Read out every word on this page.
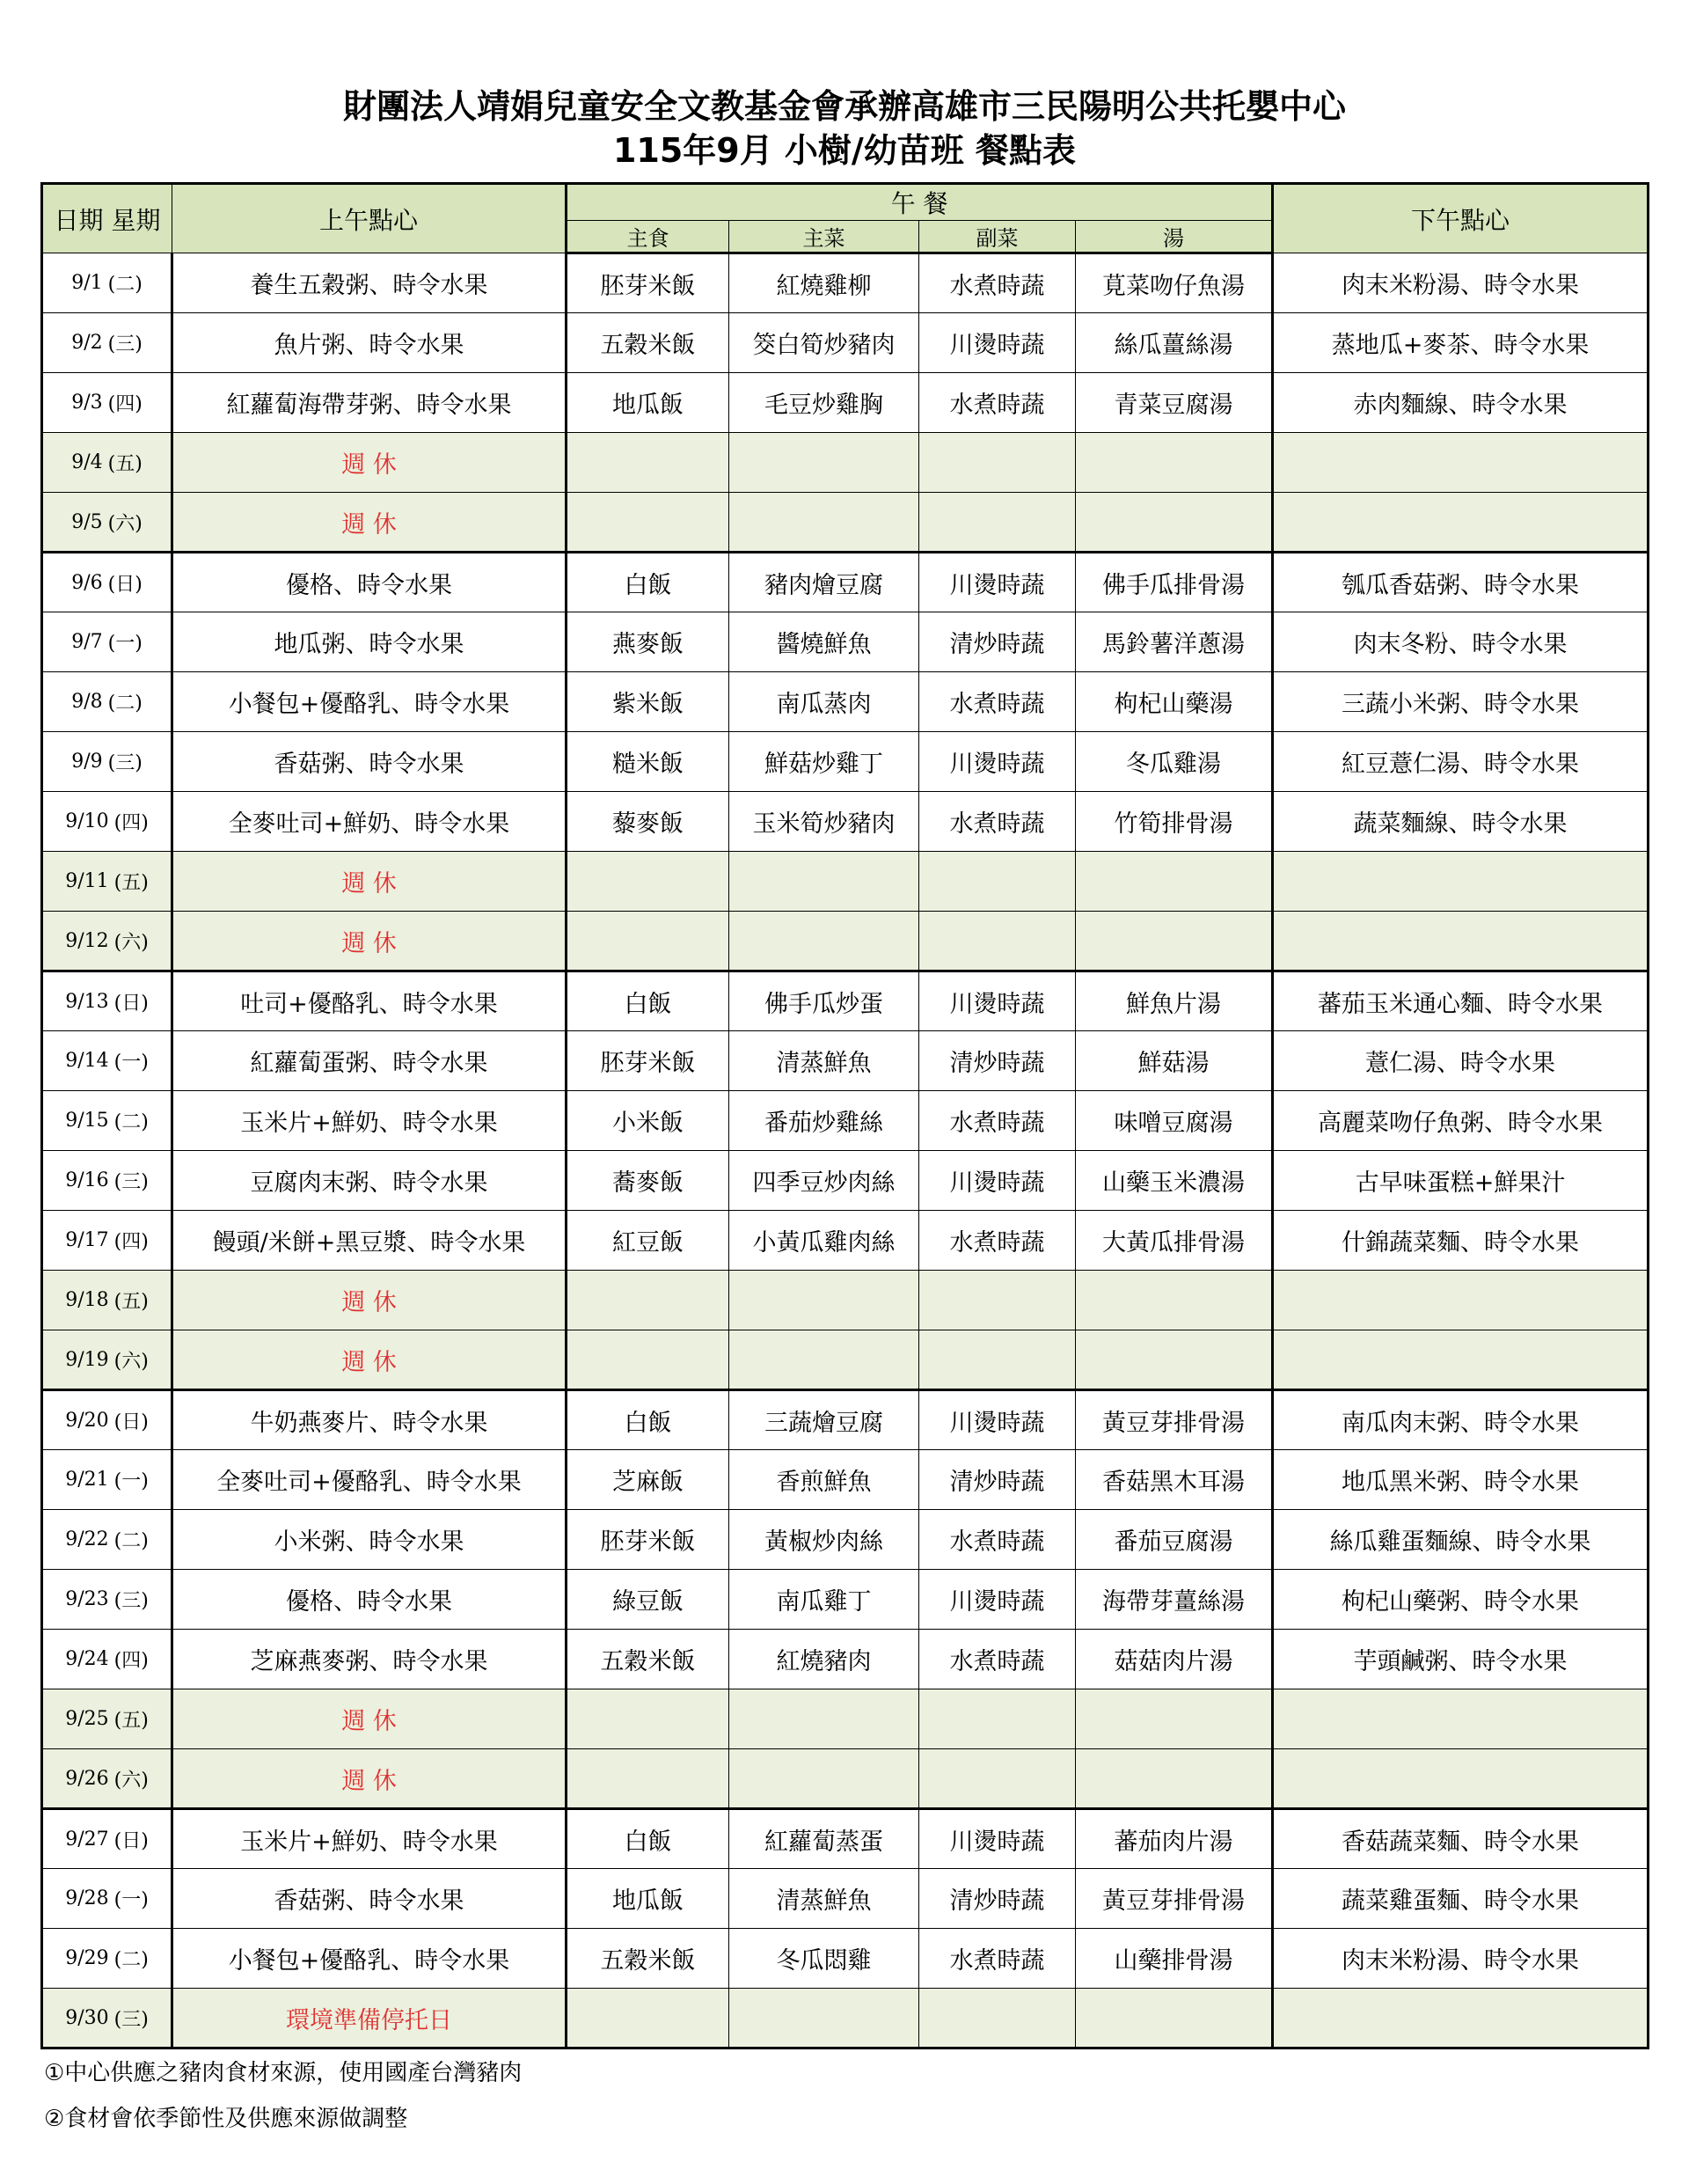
財團法人靖娟兒童安全文教基金會承辦高雄市三民陽明公共托嬰中心
115年9月 小樹/幼苗班 餐點表
日期 星期	上午點心	午 餐				下午點心
		主食	主菜	副菜	湯	

9/1 (二)	養生五穀粥、時令水果	胚芽米飯	紅燒雞柳	水煮時蔬	莧菜吻仔魚湯	肉末米粉湯、時令水果

9/2 (三)	魚片粥、時令水果	五穀米飯	筊白筍炒豬肉	川燙時蔬	絲瓜薑絲湯	蒸地瓜+麥茶、時令水果

9/3 (四)	紅蘿蔔海帶芽粥、時令水果	地瓜飯	毛豆炒雞胸	水煮時蔬	青菜豆腐湯	赤肉麵線、時令水果

9/4 (五)	週 休					

9/5 (六)	週 休					

9/6 (日)	優格、時令水果	白飯	豬肉燴豆腐	川燙時蔬	佛手瓜排骨湯	瓠瓜香菇粥、時令水果

9/7 (一)	地瓜粥、時令水果	燕麥飯	醬燒鮮魚	清炒時蔬	馬鈴薯洋蔥湯	肉末冬粉、時令水果

9/8 (二)	小餐包+優酪乳、時令水果	紫米飯	南瓜蒸肉	水煮時蔬	枸杞山藥湯	三蔬小米粥、時令水果

9/9 (三)	香菇粥、時令水果	糙米飯	鮮菇炒雞丁	川燙時蔬	冬瓜雞湯	紅豆薏仁湯、時令水果

9/10 (四)	全麥吐司+鮮奶、時令水果	藜麥飯	玉米筍炒豬肉	水煮時蔬	竹筍排骨湯	蔬菜麵線、時令水果

9/11 (五)	週 休					

9/12 (六)	週 休					

9/13 (日)	吐司+優酪乳、時令水果	白飯	佛手瓜炒蛋	川燙時蔬	鮮魚片湯	蕃茄玉米通心麵、時令水果

9/14 (一)	紅蘿蔔蛋粥、時令水果	胚芽米飯	清蒸鮮魚	清炒時蔬	鮮菇湯	薏仁湯、時令水果

9/15 (二)	玉米片+鮮奶、時令水果	小米飯	番茄炒雞絲	水煮時蔬	味噌豆腐湯	高麗菜吻仔魚粥、時令水果

9/16 (三)	豆腐肉末粥、時令水果	蕎麥飯	四季豆炒肉絲	川燙時蔬	山藥玉米濃湯	古早味蛋糕+鮮果汁

9/17 (四)	饅頭/米餅+黑豆漿、時令水果	紅豆飯	小黃瓜雞肉絲	水煮時蔬	大黃瓜排骨湯	什錦蔬菜麵、時令水果

9/18 (五)	週 休					

9/19 (六)	週 休					

9/20 (日)	牛奶燕麥片、時令水果	白飯	三蔬燴豆腐	川燙時蔬	黃豆芽排骨湯	南瓜肉末粥、時令水果

9/21 (一)	全麥吐司+優酪乳、時令水果	芝麻飯	香煎鮮魚	清炒時蔬	香菇黑木耳湯	地瓜黑米粥、時令水果

9/22 (二)	小米粥、時令水果	胚芽米飯	黃椒炒肉絲	水煮時蔬	番茄豆腐湯	絲瓜雞蛋麵線、時令水果

9/23 (三)	優格、時令水果	綠豆飯	南瓜雞丁	川燙時蔬	海帶芽薑絲湯	枸杞山藥粥、時令水果

9/24 (四)	芝麻燕麥粥、時令水果	五穀米飯	紅燒豬肉	水煮時蔬	菇菇肉片湯	芋頭鹹粥、時令水果

9/25 (五)	週 休					

9/26 (六)	週 休					

9/27 (日)	玉米片+鮮奶、時令水果	白飯	紅蘿蔔蒸蛋	川燙時蔬	蕃茄肉片湯	香菇蔬菜麵、時令水果

9/28 (一)	香菇粥、時令水果	地瓜飯	清蒸鮮魚	清炒時蔬	黃豆芽排骨湯	蔬菜雞蛋麵、時令水果

9/29 (二)	小餐包+優酪乳、時令水果	五穀米飯	冬瓜悶雞	水煮時蔬	山藥排骨湯	肉末米粉湯、時令水果

9/30 (三)	環境準備停托日					
①中心供應之豬肉食材來源，使用國產台灣豬肉
②食材會依季節性及供應來源做調整
